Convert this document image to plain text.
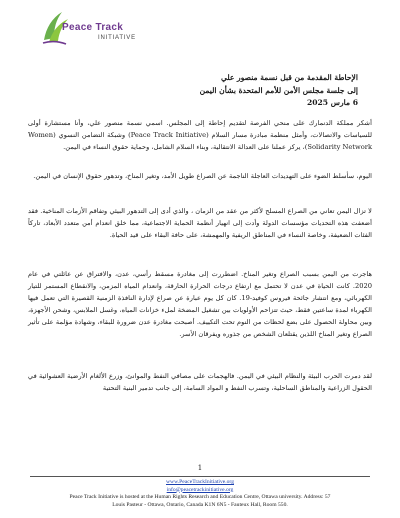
Peace Track
INITIATIVE
الإحاطة المقدمة من قبل نسمة منصور علي
إلى جلسة مجلس الأمن للأمم المتحدة بشأن اليمن
6 مارس 2025

أشكر مملكة الدنمارك على منحي الفرصة لتقديم إحاطة إلى المجلس. اسمي نسمة منصور علي، وأنا مستشارة أولى للسياسات والاتصالات، وأمثل منظمة مبادرة مسار السلام (Peace Track Initiative) وشبكة التضامن النسوي (Women Solidarity Network)، يركز عملنا على العدالة الانتقالية، وبناء السلام الشامل، وحماية حقوق النساء في اليمن.

اليوم، سأسلط الضوء على التهديدات العاجلة الناجمة عن الصراع طويل الأمد، وتغير المناخ، وتدهور حقوق الإنسان في اليمن.

لا تزال اليمن تعاني من الصراع المسلح لأكثر من عقد من الزمان ، والذي أدى إلى التدهور البيئي وتفاقم الأزمات المناخية. فقد أضعفت هذه التحديات مؤسسات الدولة وأدت إلى انهيار أنظمة الحماية الاجتماعية، مما خلق انعدام أمن متعدد الأبعاد، تاركاً الفئات الضعيفة، وخاصة النساء في المناطق الريفية والمهمشة، على حافة البقاء على قيد الحياة.

هاجرت من اليمن بسبب الصراع وتغير المناخ. اضطررت إلى مغادرة مسقط رأسي، عدن، والافتراق عن عائلتي في عام 2020. كانت الحياة في عدن لا تحتمل مع ارتفاع درجات الحرارة الحارقة، وانعدام المياه المزمن، والانقطاع المستمر للتيار الكهربائي، ومع انتشار جائحة فيروس كوفيد-19. كان كل يوم عبارة عن صراع لإدارة النافذة الزمنية القصيرة التي تعمل فيها الكهرباء لمدة ساعتين فقط، حيث تتزاحم الأولويات بين تشغيل المضخة لملء خزانات المياه، وغسل الملابس، وشحن الأجهزة، وبين محاولة الحصول على بضع لحظات من النوم تحت التكييف. أصبحت مغادرة عدن ضرورة للبقاء، وشهادة مؤلمة على تأثير الصراع وتغير المناخ اللذين يقتلعان الشخص من جذوره ويفرقان الأسر.

لقد دمرت الحرب البيئة والنظام البيئي في اليمن. فالهجمات على مصافي النفط والموانئ، وزرع الألغام الأرضية العشوائية في الحقول الزراعية والمناطق الساحلية، وتسرب النفط و المواد السامة، إلى جانب تدمير البنية التحتية

1
www.PeaceTrackInitiative.org
info@peacetrackinitiative.org
Peace Track Initiative is hosted at the Human Rights Research and Education Centre, Ottawa university. Address: 57
Louis Pasteur - Ottawa, Ontario, Canada K1N 6N5 - Fauteux Hall, Room 550.
